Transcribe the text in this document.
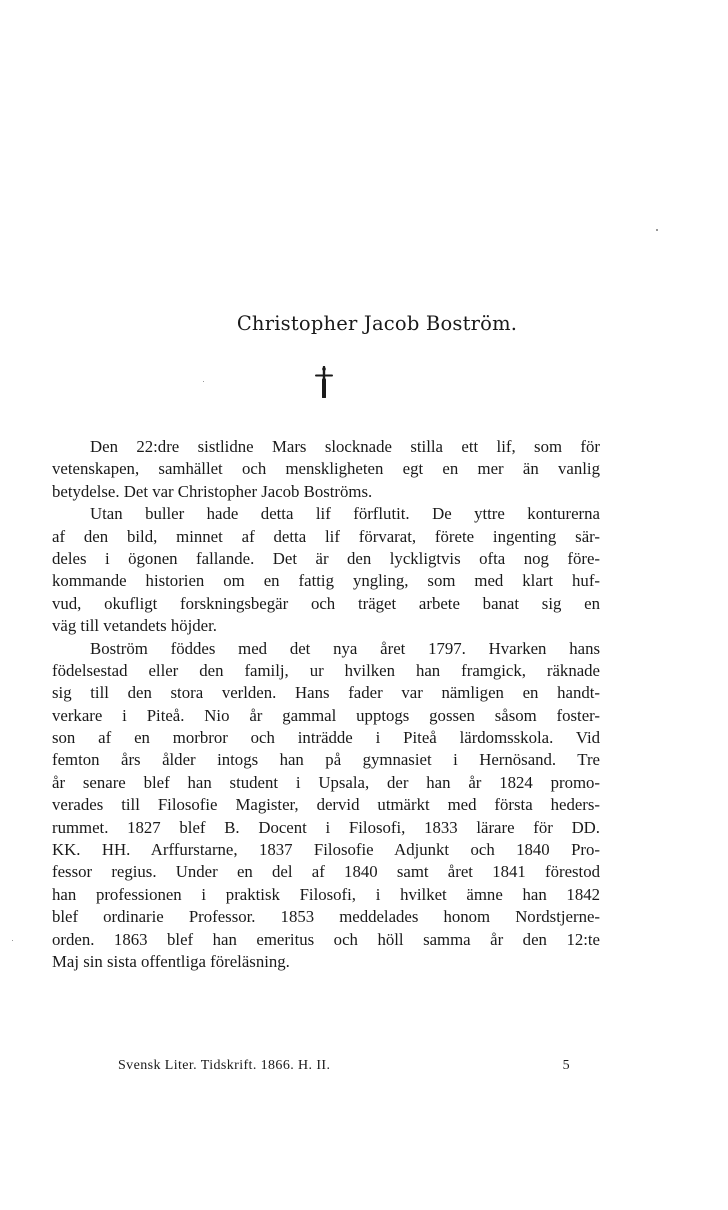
Christopher Jacob Boström.
Den 22:dre sistlidne Mars slocknade stilla ett lif, som för
vetenskapen, samhället och menskligheten egt en mer än vanlig
betydelse. Det var Christopher Jacob Boströms.
Utan buller hade detta lif förflutit. De yttre konturerna
af den bild, minnet af detta lif förvarat, förete ingenting sär-
deles i ögonen fallande. Det är den lyckligtvis ofta nog före-
kommande historien om en fattig yngling, som med klart huf-
vud, okufligt forskningsbegär och träget arbete banat sig en
väg till vetandets höjder.
Boström föddes med det nya året 1797. Hvarken hans
födelsestad eller den familj, ur hvilken han framgick, räknade
sig till den stora verlden. Hans fader var nämligen en handt-
verkare i Piteå. Nio år gammal upptogs gossen såsom foster-
son af en morbror och inträdde i Piteå lärdomsskola. Vid
femton års ålder intogs han på gymnasiet i Hernösand. Tre
år senare blef han student i Upsala, der han år 1824 promo-
verades till Filosofie Magister, dervid utmärkt med första heders-
rummet. 1827 blef B. Docent i Filosofi, 1833 lärare för DD.
KK. HH. Arffurstarne, 1837 Filosofie Adjunkt och 1840 Pro-
fessor regius. Under en del af 1840 samt året 1841 förestod
han professionen i praktisk Filosofi, i hvilket ämne han 1842
blef ordinarie Professor. 1853 meddelades honom Nordstjerne-
orden. 1863 blef han emeritus och höll samma år den 12:te
Maj sin sista offentliga föreläsning.
Svensk Liter. Tidskrift. 1866. H. II.	5
